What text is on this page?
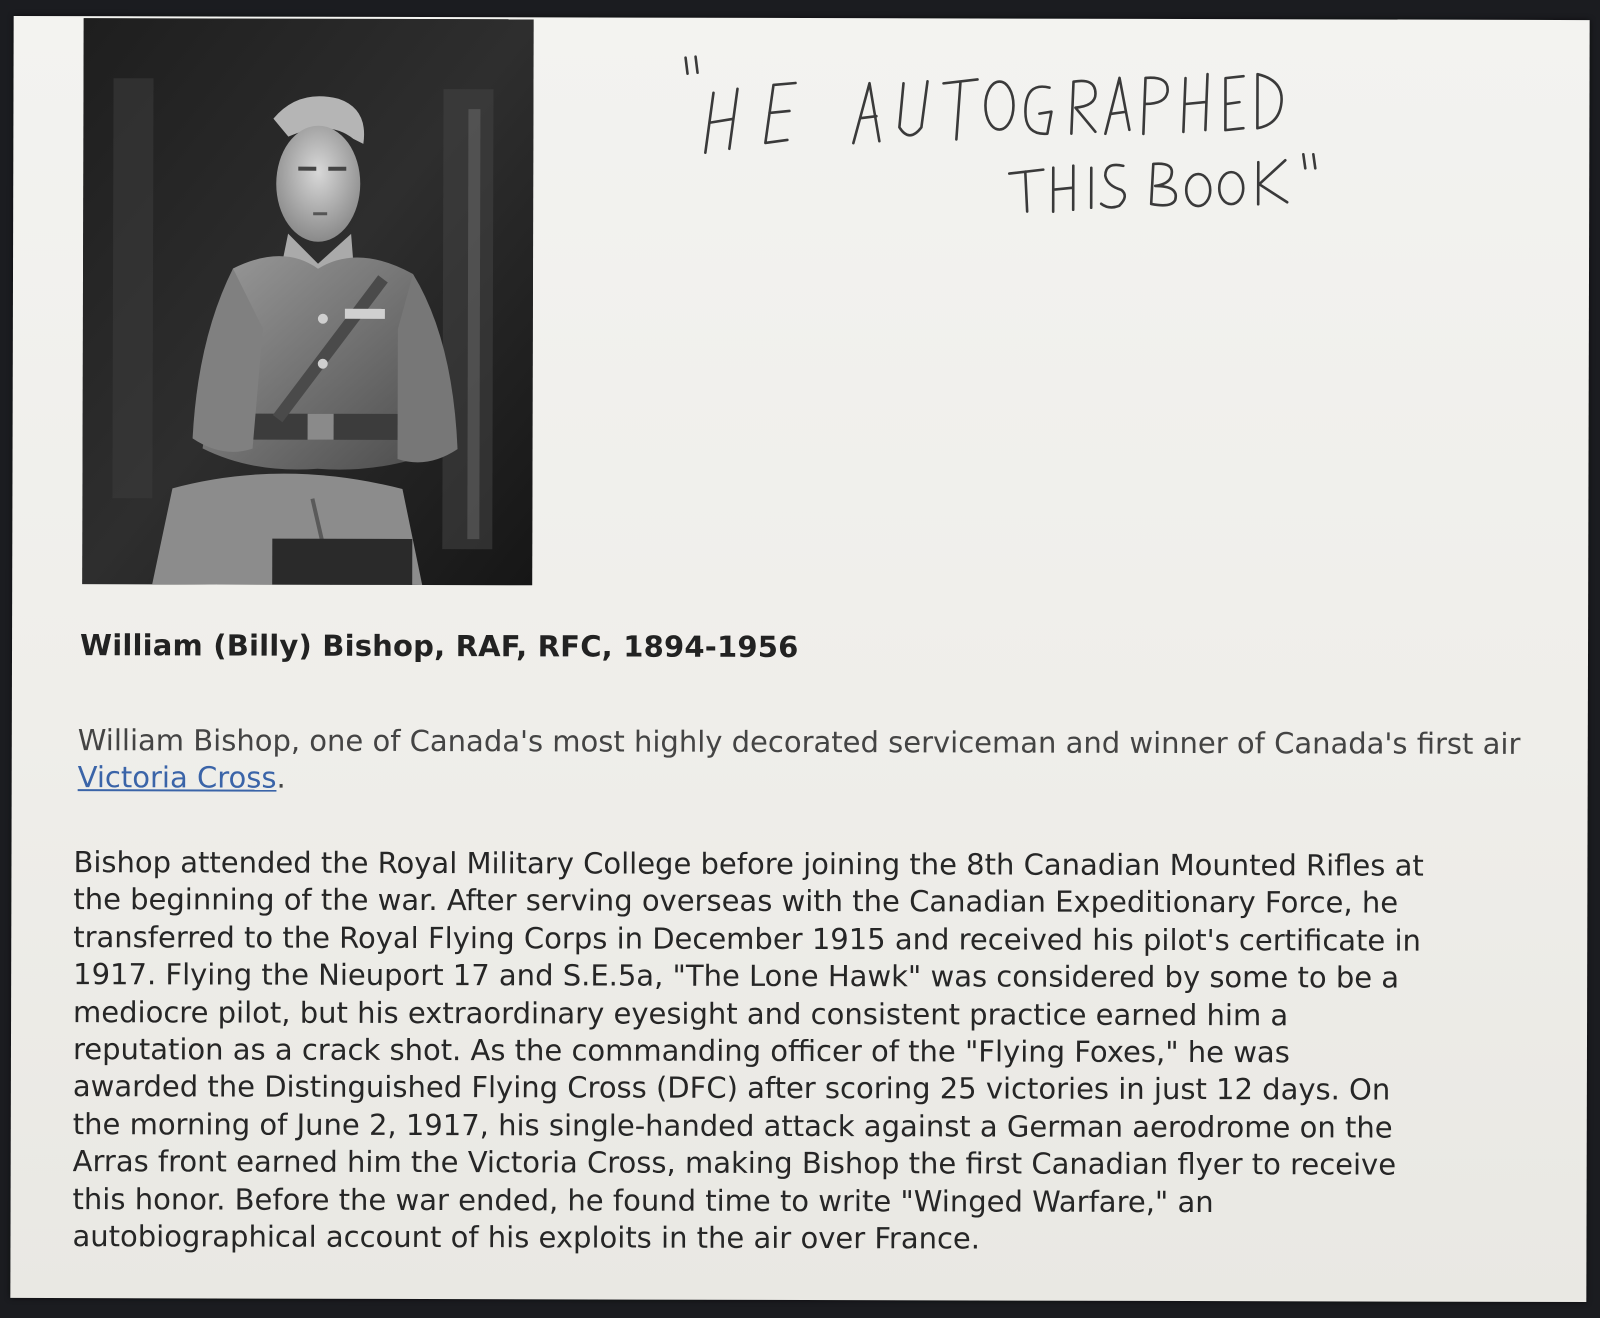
William (Billy) Bishop, RAF, RFC, 1894-1956
William Bishop, one of Canada's most highly decorated serviceman and winner of Canada's first air Victoria Cross.
Bishop attended the Royal Military College before joining the 8th Canadian Mounted Rifles at
the beginning of the war. After serving overseas with the Canadian Expeditionary Force, he
transferred to the Royal Flying Corps in December 1915 and received his pilot's certificate in
1917. Flying the Nieuport 17 and S.E.5a, "The Lone Hawk" was considered by some to be a
mediocre pilot, but his extraordinary eyesight and consistent practice earned him a
reputation as a crack shot. As the commanding officer of the "Flying Foxes," he was
awarded the Distinguished Flying Cross (DFC) after scoring 25 victories in just 12 days. On
the morning of June 2, 1917, his single-handed attack against a German aerodrome on the
Arras front earned him the Victoria Cross, making Bishop the first Canadian flyer to receive
this honor. Before the war ended, he found time to write "Winged Warfare," an
autobiographical account of his exploits in the air over France.
